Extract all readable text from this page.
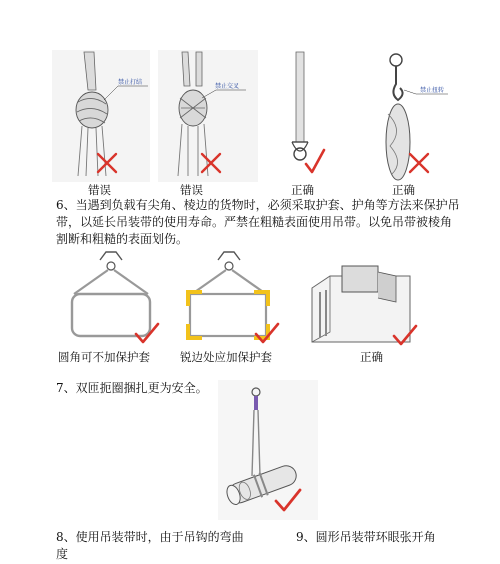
禁止打结
禁止交叉
禁止扭转
错误	错误	正确	正确
6、当遇到负载有尖角、棱边的货物时，必须采取护套、护角等方法来保护吊
带，以延长吊装带的使用寿命。严禁在粗糙表面使用吊带。以免吊带被棱角
割断和粗糙的表面划伤。
圆角可不加保护套	锐边处应加保护套	正确
7、双匝扼圈捆扎更为安全。
8、使用吊装带时，由于吊钩的弯曲
度
9、圆形吊装带环眼张开角
